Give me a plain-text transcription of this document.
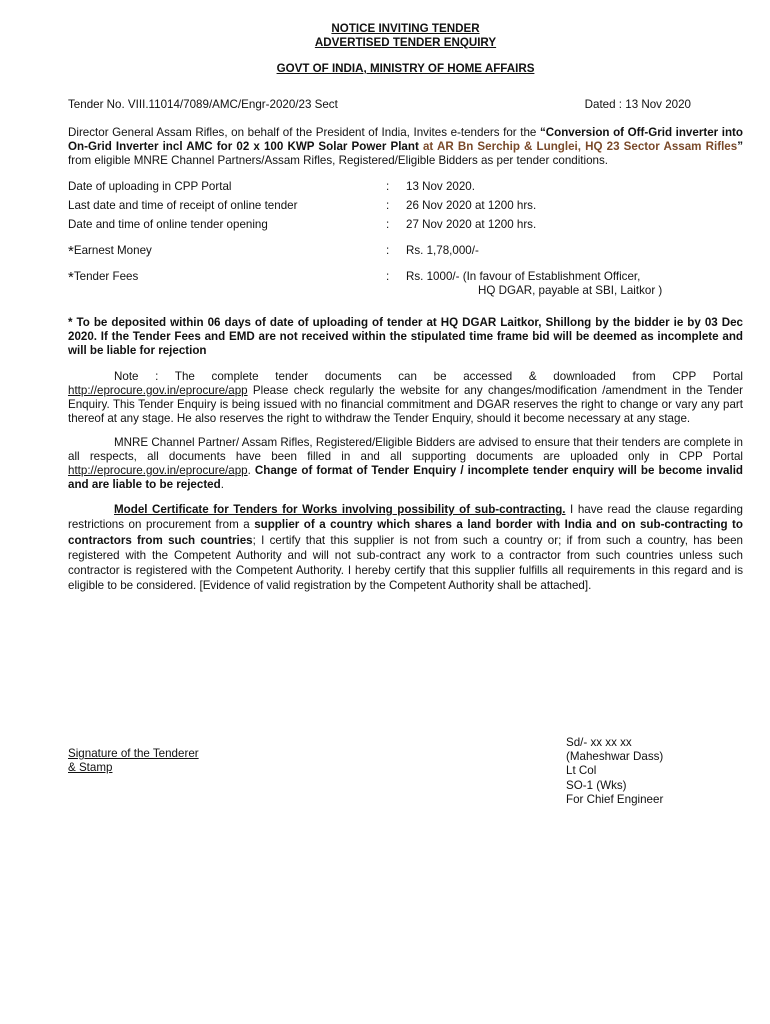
NOTICE INVITING TENDER
ADVERTISED TENDER ENQUIRY
GOVT OF INDIA, MINISTRY OF HOME AFFAIRS
Tender No. VIII.11014/7089/AMC/Engr-2020/23 Sect	Dated : 13 Nov 2020
Director General Assam Rifles, on behalf of the President of India, Invites e-tenders for the “Conversion of Off-Grid inverter into On-Grid Inverter incl AMC for 02 x 100 KWP Solar Power Plant at AR Bn Serchip & Lunglei, HQ 23 Sector Assam Rifles” from eligible MNRE Channel Partners/Assam Rifles, Registered/Eligible Bidders as per tender conditions.
Date of uploading in CPP Portal	:	13 Nov 2020.
Last date and time of receipt of online tender	:	26 Nov 2020 at 1200 hrs.
Date and time of online tender opening	:	27 Nov 2020 at 1200 hrs.
*Earnest Money	:	Rs. 1,78,000/-
*Tender Fees	:	Rs. 1000/- (In favour of Establishment Officer,
HQ DGAR, payable at SBI, Laitkor )
* To be deposited within 06 days of date of uploading of tender at HQ DGAR Laitkor, Shillong by the bidder ie by 03 Dec 2020. If the Tender Fees and EMD are not received within the stipulated time frame bid will be deemed as incomplete and will be liable for rejection
Note : The complete tender documents can be accessed & downloaded from CPP Portal http://eprocure.gov.in/eprocure/app Please check regularly the website for any changes/modification /amendment in the Tender Enquiry. This Tender Enquiry is being issued with no financial commitment and DGAR reserves the right to change or vary any part thereof at any stage. He also reserves the right to withdraw the Tender Enquiry, should it become necessary at any stage.
MNRE Channel Partner/ Assam Rifles, Registered/Eligible Bidders are advised to ensure that their tenders are complete in all respects, all documents have been filled in and all supporting documents are uploaded only in CPP Portal http://eprocure.gov.in/eprocure/app. Change of format of Tender Enquiry / incomplete tender enquiry will be become invalid and are liable to be rejected.
Model Certificate for Tenders for Works involving possibility of sub-contracting. I have read the clause regarding restrictions on procurement from a supplier of a country which shares a land border with India and on sub-contracting to contractors from such countries; I certify that this supplier is not from such a country or; if from such a country, has been registered with the Competent Authority and will not sub-contract any work to a contractor from such countries unless such contractor is registered with the Competent Authority. I hereby certify that this supplier fulfills all requirements in this regard and is eligible to be considered. [Evidence of valid registration by the Competent Authority shall be attached].
Signature of the Tenderer
& Stamp
Sd/- xx xx xx
(Maheshwar Dass)
Lt Col
SO-1 (Wks)
For Chief Engineer
